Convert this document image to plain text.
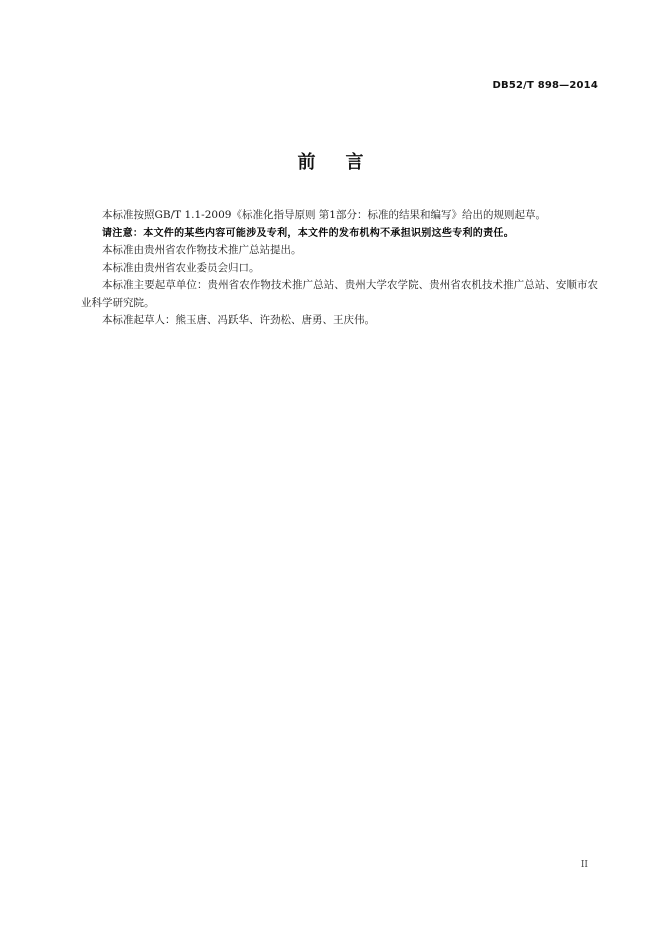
DB52/T 898—2014
前    言

本标准按照GB/T 1.1-2009《标准化指导原则 第1部分：标准的结果和编写》给出的规则起草。

请注意：本文件的某些内容可能涉及专利，本文件的发布机构不承担识别这些专利的责任。

本标准由贵州省农作物技术推广总站提出。

本标准由贵州省农业委员会归口。

本标准主要起草单位：贵州省农作物技术推广总站、贵州大学农学院、贵州省农机技术推广总站、安顺市农业科学研究院。

本标准起草人：熊玉唐、冯跃华、许劲松、唐勇、王庆伟。

II
